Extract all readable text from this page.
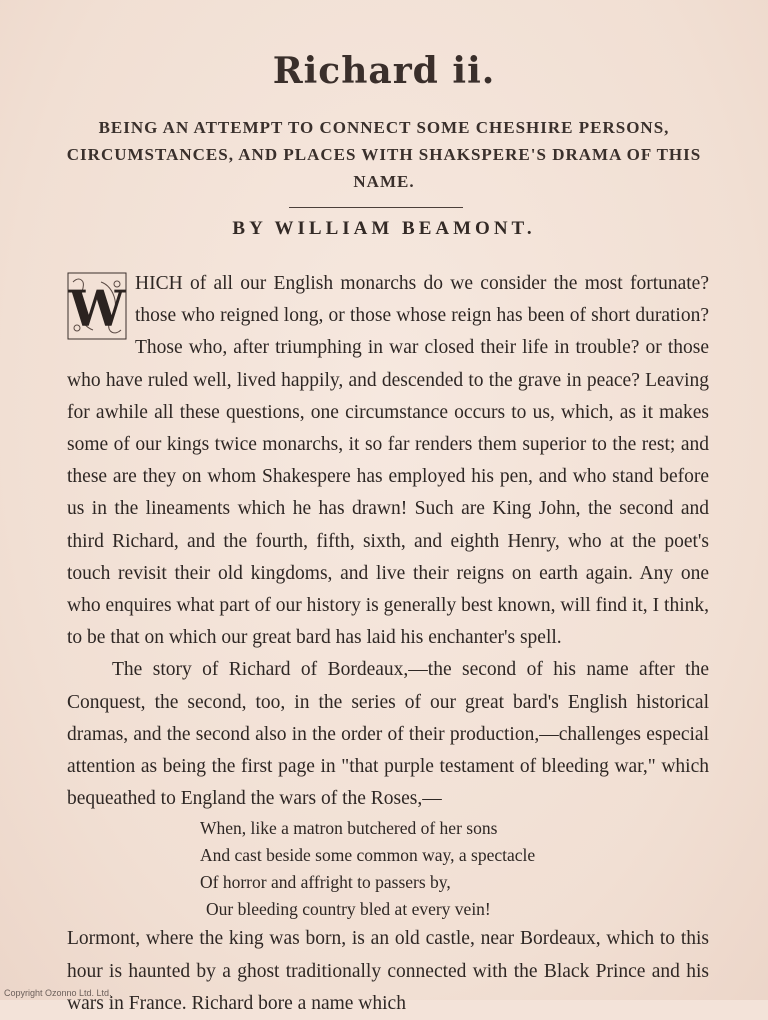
Richard ii.
BEING AN ATTEMPT TO CONNECT SOME CHESHIRE PERSONS, CIRCUMSTANCES, AND PLACES WITH SHAKSPERE'S DRAMA OF THIS NAME.
BY WILLIAM BEAMONT.
W HICH of all our English monarchs do we consider the most fortunate? those who reigned long, or those whose reign has been of short duration? Those who, after triumphing in war closed their life in trouble? or those who have ruled well, lived happily, and descended to the grave in peace? Leaving for awhile all these questions, one circumstance occurs to us, which, as it makes some of our kings twice monarchs, it so far renders them superior to the rest; and these are they on whom Shakespere has employed his pen, and who stand before us in the lineaments which he has drawn! Such are King John, the second and third Richard, and the fourth, fifth, sixth, and eighth Henry, who at the poet's touch revisit their old kingdoms, and live their reigns on earth again. Any one who enquires what part of our history is generally best known, will find it, I think, to be that on which our great bard has laid his enchanter's spell.

The story of Richard of Bordeaux,—the second of his name after the Conquest, the second, too, in the series of our great bard's English historical dramas, and the second also in the order of their production,—challenges especial attention as being the first page in "that purple testament of bleeding war," which bequeathed to England the wars of the Roses,—

When, like a matron butchered of her sons
And cast beside some common way, a spectacle
Of horror and affright to passers by,
Our bleeding country bled at every vein!

Lormont, where the king was born, is an old castle, near Bordeaux, which to this hour is haunted by a ghost traditionally connected with the Black Prince and his wars in France. Richard bore a name which

Copyright Ozonno Ltd. Ltd.
